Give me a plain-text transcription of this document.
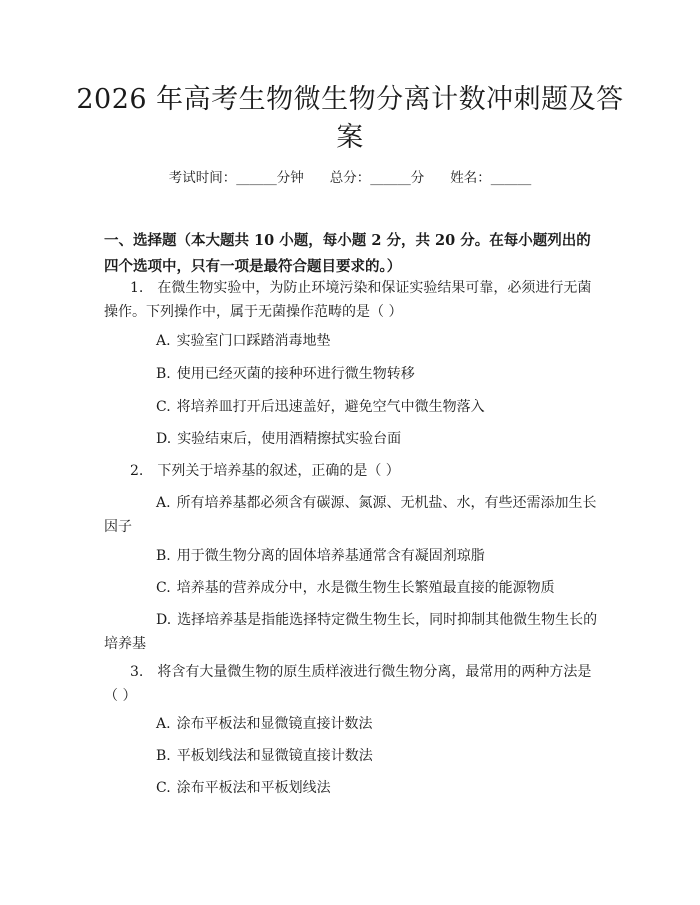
2026 年高考生物微生物分离计数冲刺题及答
案
考试时间：______分钟 总分：______分 姓名：______
一、选择题（本大题共 10 小题，每小题 2 分，共 20 分。在每小题列出的四个选项中，只有一项是最符合题目要求的。）
1. 在微生物实验中，为防止环境污染和保证实验结果可靠，必须进行无菌操作。下列操作中，属于无菌操作范畴的是（ ）
A. 实验室门口踩踏消毒地垫
B. 使用已经灭菌的接种环进行微生物转移
C. 将培养皿打开后迅速盖好，避免空气中微生物落入
D. 实验结束后，使用酒精擦拭实验台面
2. 下列关于培养基的叙述，正确的是（ ）
A. 所有培养基都必须含有碳源、氮源、无机盐、水，有些还需添加生长因子
B. 用于微生物分离的固体培养基通常含有凝固剂琼脂
C. 培养基的营养成分中，水是微生物生长繁殖最直接的能源物质
D. 选择培养基是指能选择特定微生物生长，同时抑制其他微生物生长的培养基
3. 将含有大量微生物的原生质样液进行微生物分离，最常用的两种方法是（ ）
A. 涂布平板法和显微镜直接计数法
B. 平板划线法和显微镜直接计数法
C. 涂布平板法和平板划线法
